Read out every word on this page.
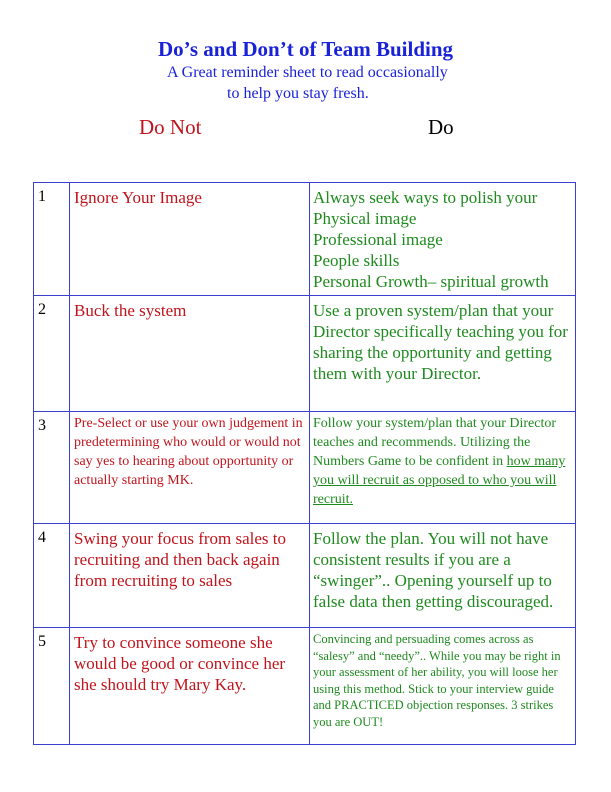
Do’s and Don’t of Team Building
A Great reminder sheet to read occasionally
to help you stay fresh.
Do Not	Do
1	Ignore Your Image	Always seek ways to polish your
Physical image
Professional image
People skills
Personal Growth– spiritual growth

2	Buck the system	Use a proven system/plan that your Director specifically teaching you for sharing the opportunity and getting them with your Director.
3	Pre-Select or use your own judgement in predetermining who would or would not say yes to hearing about opportunity or actually starting MK.	Follow your system/plan that your Director teaches and recommends. Utilizing the Numbers Game to be confident in how many you will recruit as opposed to who you will recruit.
4	Swing your focus from sales to recruiting and then back again from recruiting to sales	Follow the plan. You will not have consistent results if you are a “swinger”.. Opening yourself up to false data then getting discouraged.
5	Try to convince someone she would be good or convince her she should try Mary Kay.	Convincing and persuading comes across as “salesy” and “needy”.. While you may be right in your assessment of her ability, you will loose her using this method. Stick to your interview guide and PRACTICED objection responses. 3 strikes you are OUT!
